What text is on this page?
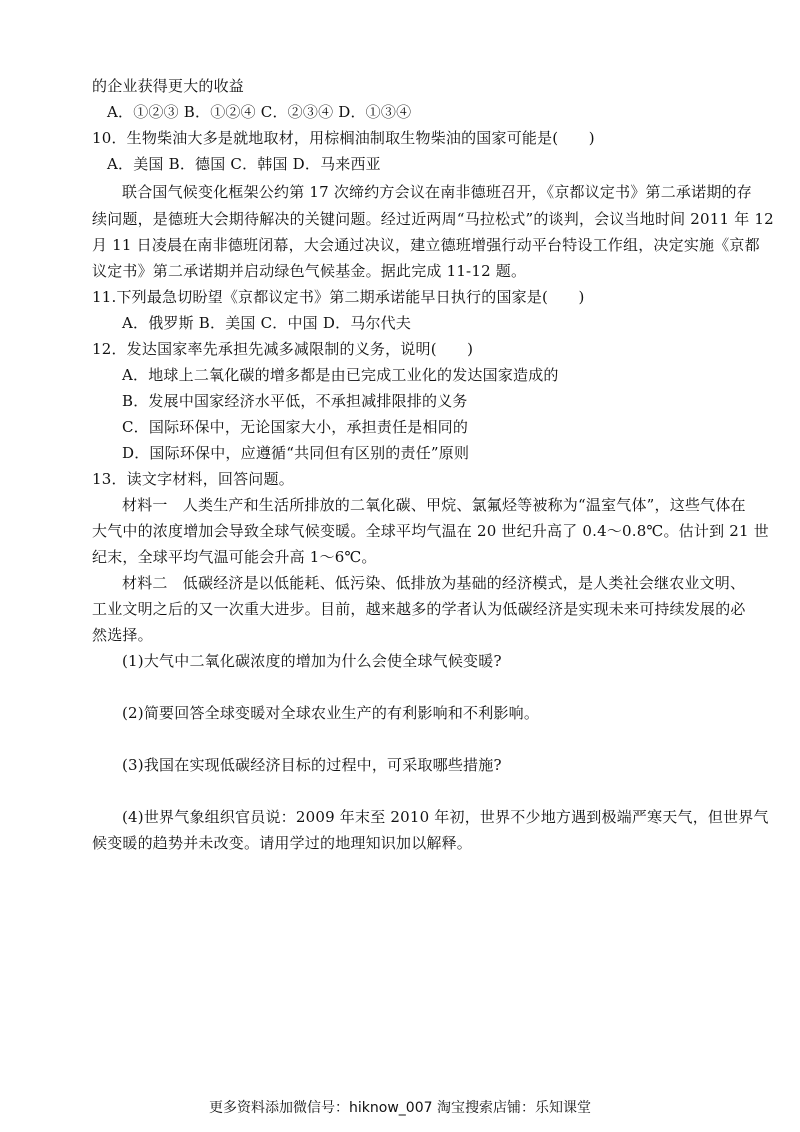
的企业获得更大的收益
A．①②③ B．①②④ C．②③④ D．①③④
10．生物柴油大多是就地取材，用棕榈油制取生物柴油的国家可能是(　　)
A．美国 B．德国 C．韩国 D．马来西亚
联合国气候变化框架公约第 17 次缔约方会议在南非德班召开，《京都议定书》第二承诺期的存
续问题，是德班大会期待解决的关键问题。经过近两周“马拉松式”的谈判，会议当地时间 2011 年 12
月 11 日凌晨在南非德班闭幕，大会通过决议，建立德班增强行动平台特设工作组，决定实施《京都
议定书》第二承诺期并启动绿色气候基金。据此完成 11-12 题。
11.下列最急切盼望《京都议定书》第二期承诺能早日执行的国家是(　　)
A．俄罗斯 B．美国 C．中国 D．马尔代夫
12．发达国家率先承担先减多减限制的义务，说明(　　)
A．地球上二氧化碳的增多都是由已完成工业化的发达国家造成的
B．发展中国家经济水平低，不承担减排限排的义务
C．国际环保中，无论国家大小，承担责任是相同的
D．国际环保中，应遵循“共同但有区别的责任”原则
13．读文字材料，回答问题。
材料一　人类生产和生活所排放的二氧化碳、甲烷、氯氟烃等被称为“温室气体”，这些气体在
大气中的浓度增加会导致全球气候变暖。全球平均气温在 20 世纪升高了 0.4～0.8℃。估计到 21 世
纪末，全球平均气温可能会升高 1～6℃。
材料二　低碳经济是以低能耗、低污染、低排放为基础的经济模式，是人类社会继农业文明、
工业文明之后的又一次重大进步。目前，越来越多的学者认为低碳经济是实现未来可持续发展的必
然选择。
(1)大气中二氧化碳浓度的增加为什么会使全球气候变暖?
(2)简要回答全球变暖对全球农业生产的有利影响和不利影响。
(3)我国在实现低碳经济目标的过程中，可采取哪些措施?
(4)世界气象组织官员说：2009 年末至 2010 年初，世界不少地方遇到极端严寒天气，但世界气
候变暖的趋势并未改变。请用学过的地理知识加以解释。
更多资料添加微信号：hiknow_007 淘宝搜索店铺：乐知课堂
